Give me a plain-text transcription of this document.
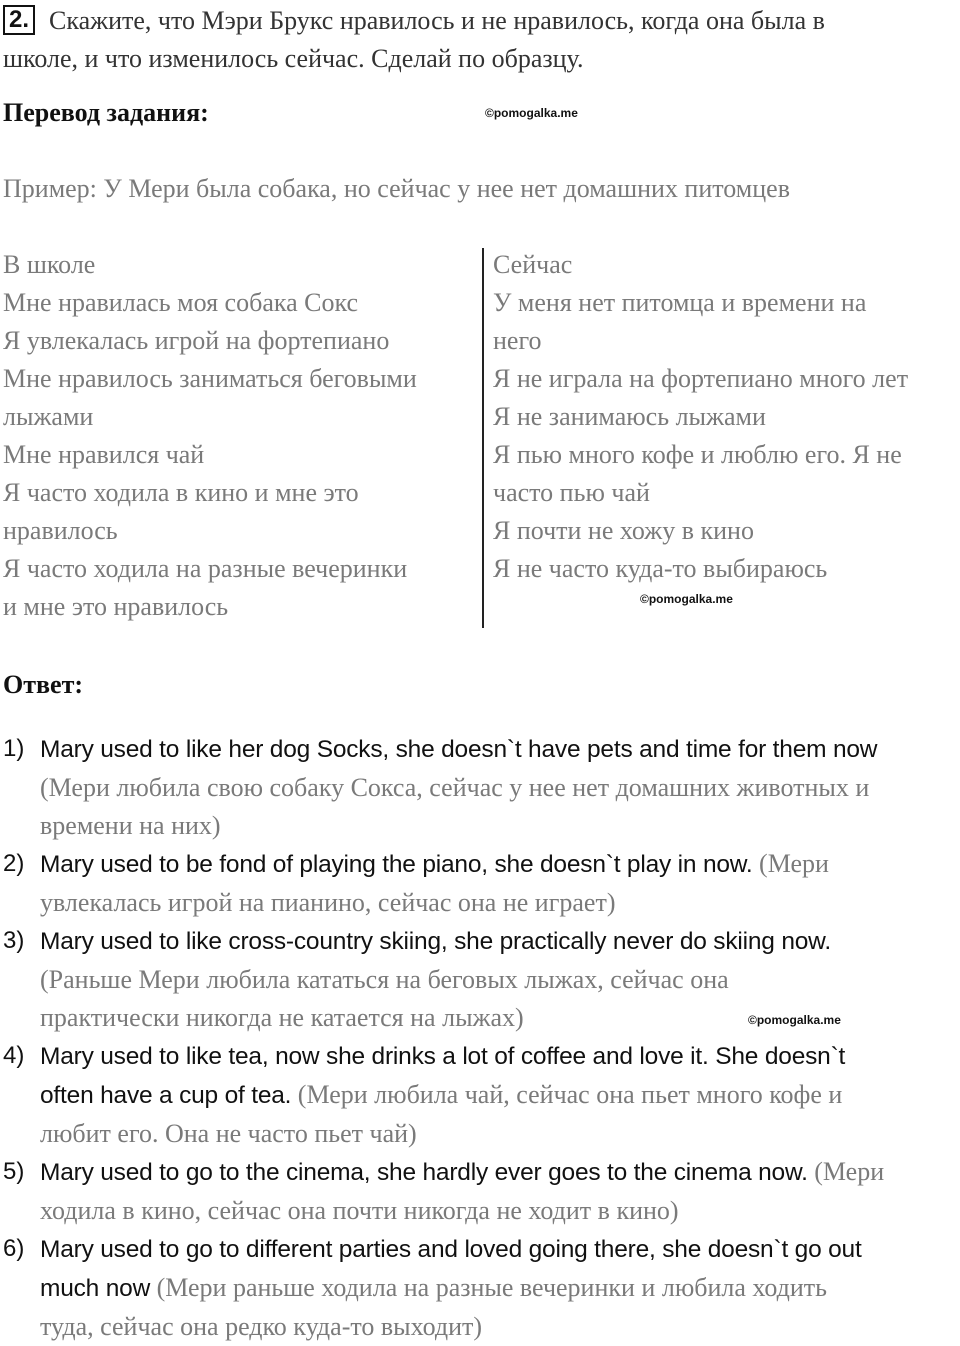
2. Скажите, что Мэри Брукс нравилось и не нравилось, когда она была в
школе, и что изменилось сейчас. Сделай по образцу.
Перевод задания:	©pomogalka.me
Пример: У Мери была собака, но сейчас у нее нет домашних питомцев
В школе
Мне нравилась моя собака Сокс
Я увлекалась игрой на фортепиано
Мне нравилось заниматься беговыми
лыжами
Мне нравился чай
Я часто ходила в кино и мне это
нравилось
Я часто ходила на разные вечеринки
и мне это нравилось
Сейчас
У меня нет питомца и времени на
него
Я не играла на фортепиано много лет
Я не занимаюсь лыжами
Я пью много кофе и люблю его. Я не
часто пью чай
Я почти не хожу в кино
Я не часто куда-то выбираюсь
©pomogalka.me
Ответ:
1) Mary used to like her dog Socks, she doesn`t have pets and time for them now
(Мери любила свою собаку Сокса, сейчас у нее нет домашних животных и
времени на них)
2) Mary used to be fond of playing the piano, she doesn`t play in now. (Мери
увлекалась игрой на пианино, сейчас она не играет)
3) Mary used to like cross-country skiing, she practically never do skiing now.
(Раньше Мери любила кататься на беговых лыжах, сейчас она
практически никогда не катается на лыжах)
4) Mary used to like tea, now she drinks a lot of coffee and love it. She doesn`t
often have a cup of tea. (Мери любила чай, сейчас она пьет много кофе и
любит его. Она не часто пьет чай)
5) Mary used to go to the cinema, she hardly ever goes to the cinema now. (Мери
ходила в кино, сейчас она почти никогда не ходит в кино)
6) Mary used to go to different parties and loved going there, she doesn`t go out
much now (Мери раньше ходила на разные вечеринки и любила ходить
туда, сейчас она редко куда-то выходит)
©pomogalka.me
